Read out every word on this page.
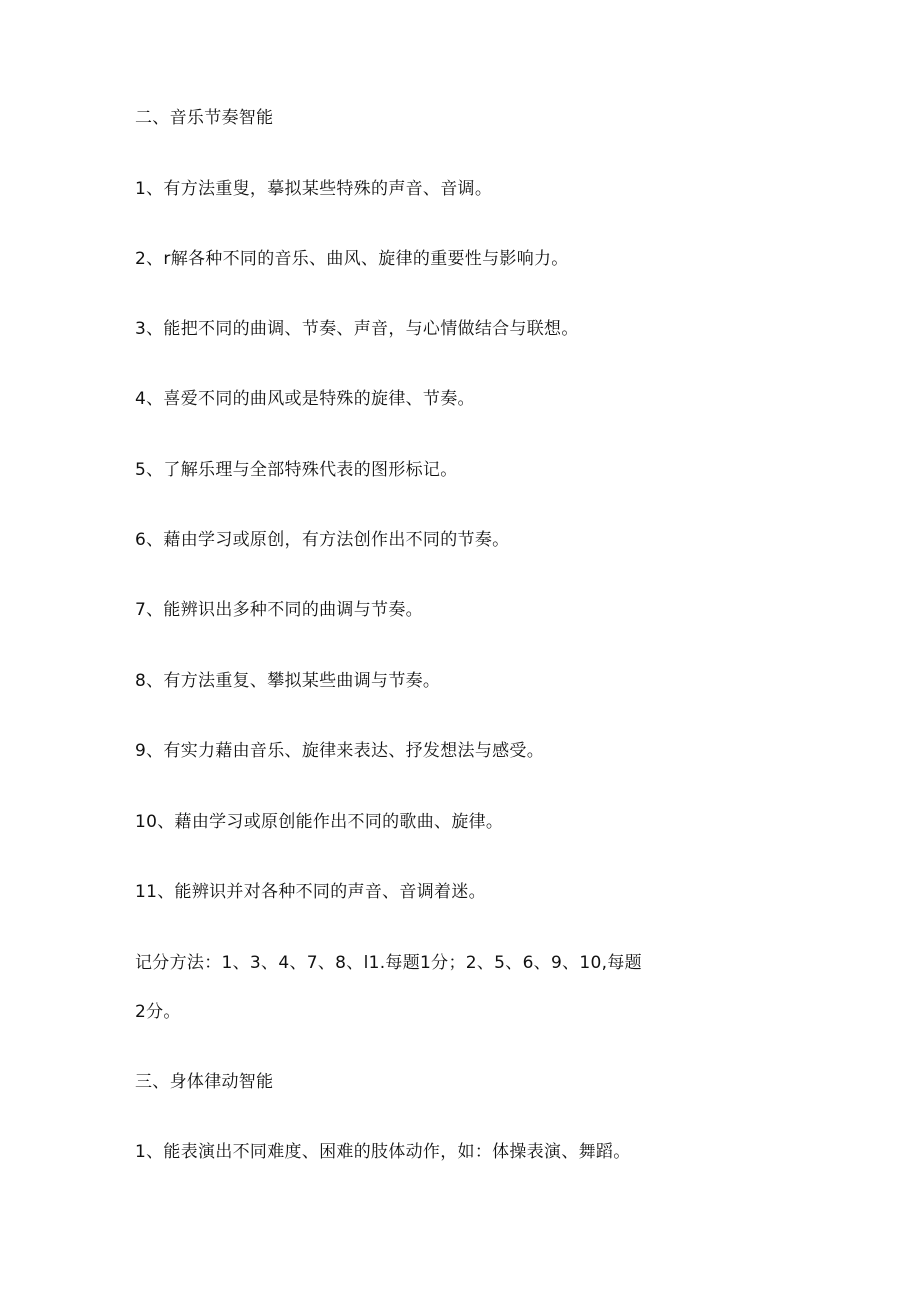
二、音乐节奏智能
1、有方法重叟，摹拟某些特殊的声音、音调。
2、r解各种不同的音乐、曲风、旋律的重要性与影响力。
3、能把不同的曲调、节奏、声音，与心情做结合与联想。
4、喜爱不同的曲风或是特殊的旋律、节奏。
5、了解乐理与全部特殊代表的图形标记。
6、藉由学习或原创，有方法创作出不同的节奏。
7、能辨识出多种不同的曲调与节奏。
8、有方法重复、攀拟某些曲调与节奏。
9、有实力藉由音乐、旋律来表达、抒发想法与感受。
10、藉由学习或原创能作出不同的歌曲、旋律。
11、能辨识并对各种不同的声音、音调着迷。
记分方法：1、3、4、7、8、l1.每题1分；2、5、6、9、10,每题
2分。
三、身体律动智能
1、能表演出不同难度、困难的肢体动作，如：体操表演、舞蹈。
